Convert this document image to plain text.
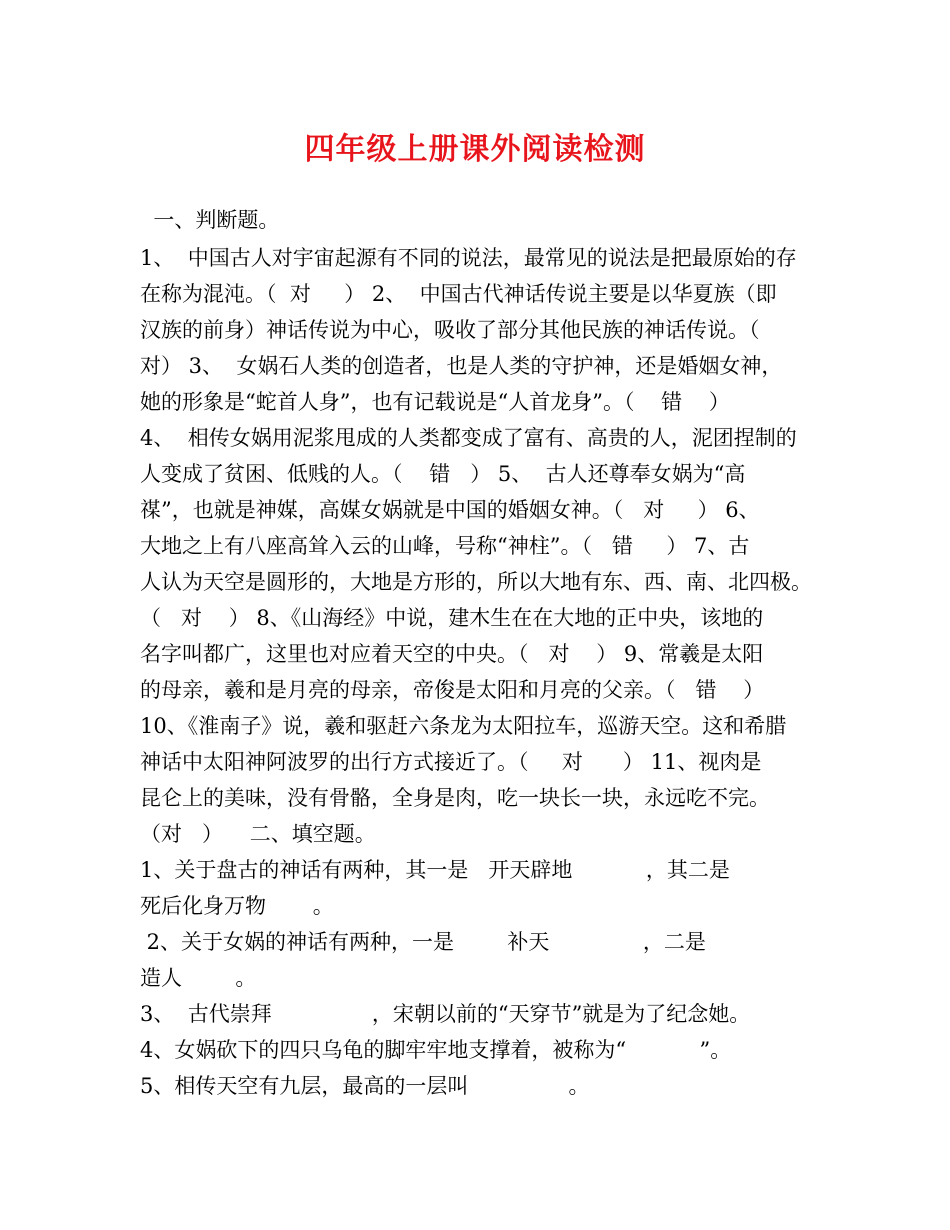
四年级上册课外阅读检测
一、判断题。
1、  中国古人对宇宙起源有不同的说法，最常见的说法是把最原始的存
在称为混沌。（  对     ） 2、  中国古代神话传说主要是以华夏族（即
汉族的前身）神话传说为中心，吸收了部分其他民族的神话传说。（
对） 3、  女娲石人类的创造者，也是人类的守护神，还是婚姻女神，
她的形象是“蛇首人身”，也有记载说是“人首龙身”。（    错    ）
4、  相传女娲用泥浆甩成的人类都变成了富有、高贵的人，泥团捏制的
人变成了贫困、低贱的人。（    错   ） 5、  古人还尊奉女娲为“高
禖”，也就是神媒，高媒女娲就是中国的婚姻女神。（   对     ） 6、
大地之上有八座高耸入云的山峰，号称“神柱”。（   错     ） 7、古
人认为天空是圆形的，大地是方形的，所以大地有东、西、南、北四极。
（   对    ） 8、《山海经》中说，建木生在在大地的正中央，该地的
名字叫都广，这里也对应着天空的中央。（   对    ） 9、常羲是太阳
的母亲，羲和是月亮的母亲，帝俊是太阳和月亮的父亲。（   错    ）
10、《淮南子》说，羲和驱赶六条龙为太阳拉车，巡游天空。这和希腊
神话中太阳神阿波罗的出行方式接近了。（     对      ） 11、视肉是
昆仑上的美味，没有骨骼，全身是肉，吃一块长一块，永远吃不完。
（对   ）    二、填空题。
1、关于盘古的神话有两种，其一是   开天辟地           ，其二是
死后化身万物       。
2、关于女娲的神话有两种，一是        补天              ，二是
造人        。
3、  古代崇拜               ，宋朝以前的“天穿节”就是为了纪念她。
4、女娲砍下的四只乌龟的脚牢牢地支撑着，被称为“           ”。
5、相传天空有九层，最高的一层叫               。
